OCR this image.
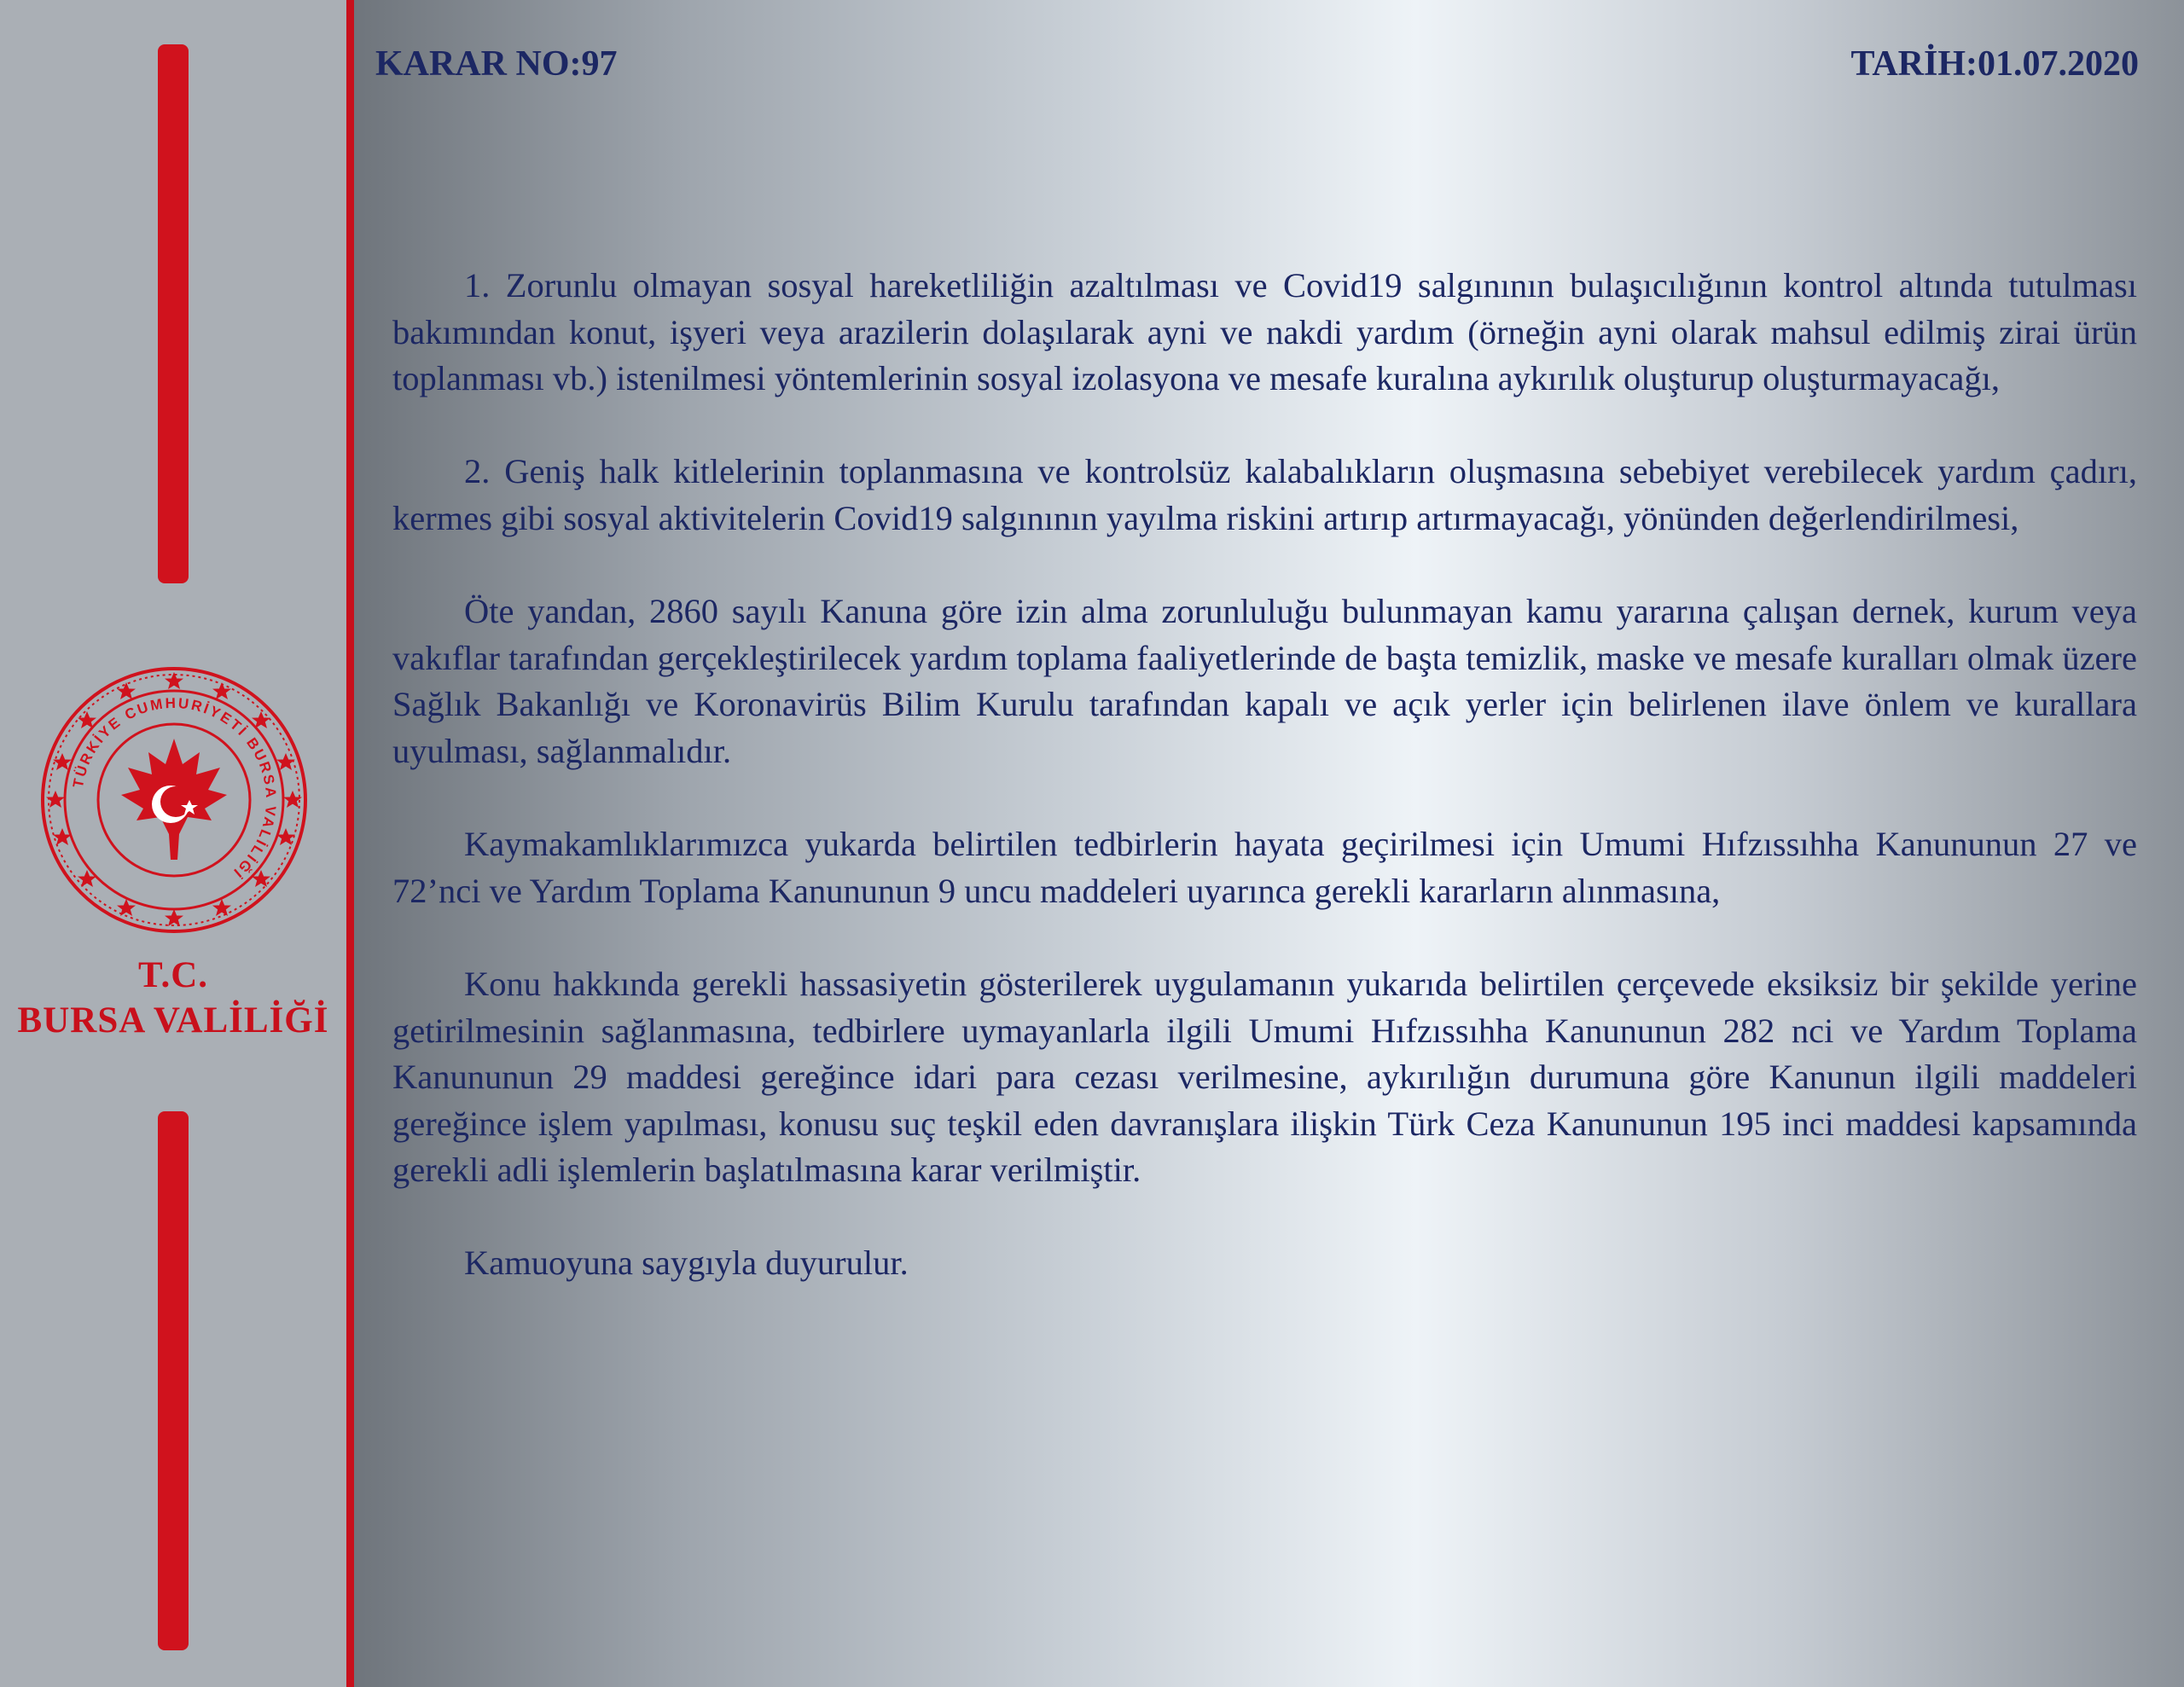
TÜRKİYE CUMHURİYETİ BURSA VALİLİĞİ
T.C.
BURSA VALİLİĞİ
KARAR NO:97	TARİH:01.07.2020

1. Zorunlu olmayan sosyal hareketliliğin azaltılması ve Covid19 salgınının bulaşıcılığının kontrol altında tutulması bakımından konut, işyeri veya arazilerin dolaşılarak ayni ve nakdi yardım (örneğin ayni olarak mahsul edilmiş zirai ürün toplanması vb.) istenilmesi yöntemlerinin sosyal izolasyona ve mesafe kuralına aykırılık oluşturup oluşturmayacağı,

2. Geniş halk kitlelerinin toplanmasına ve kontrolsüz kalabalıkların oluşmasına sebebiyet verebilecek yardım çadırı, kermes gibi sosyal aktivitelerin Covid19 salgınının yayılma riskini artırıp artırmayacağı, yönünden değerlendirilmesi,

Öte yandan, 2860 sayılı Kanuna göre izin alma zorunluluğu bulunmayan kamu yararına çalışan dernek, kurum veya vakıflar tarafından gerçekleştirilecek yardım toplama faaliyetlerinde de başta temizlik, maske ve mesafe kuralları olmak üzere Sağlık Bakanlığı ve Koronavirüs Bilim Kurulu tarafından kapalı ve açık yerler için belirlenen ilave önlem ve kurallara uyulması, sağlanmalıdır.

Kaymakamlıklarımızca yukarda belirtilen tedbirlerin hayata geçirilmesi için Umumi Hıfzıssıhha Kanununun 27 ve 72’nci ve Yardım Toplama Kanununun 9 uncu maddeleri uyarınca gerekli kararların alınmasına,

Konu hakkında gerekli hassasiyetin gösterilerek uygulamanın yukarıda belirtilen çerçevede eksiksiz bir şekilde yerine getirilmesinin sağlanmasına, tedbirlere uymayanlarla ilgili Umumi Hıfzıssıhha Kanununun 282 nci ve Yardım Toplama Kanununun 29 maddesi gereğince idari para cezası verilmesine, aykırılığın durumuna göre Kanunun ilgili maddeleri gereğince işlem yapılması, konusu suç teşkil eden davranışlara ilişkin Türk Ceza Kanununun 195 inci maddesi kapsamında gerekli adli işlemlerin başlatılmasına karar verilmiştir.

Kamuoyuna saygıyla duyurulur.
